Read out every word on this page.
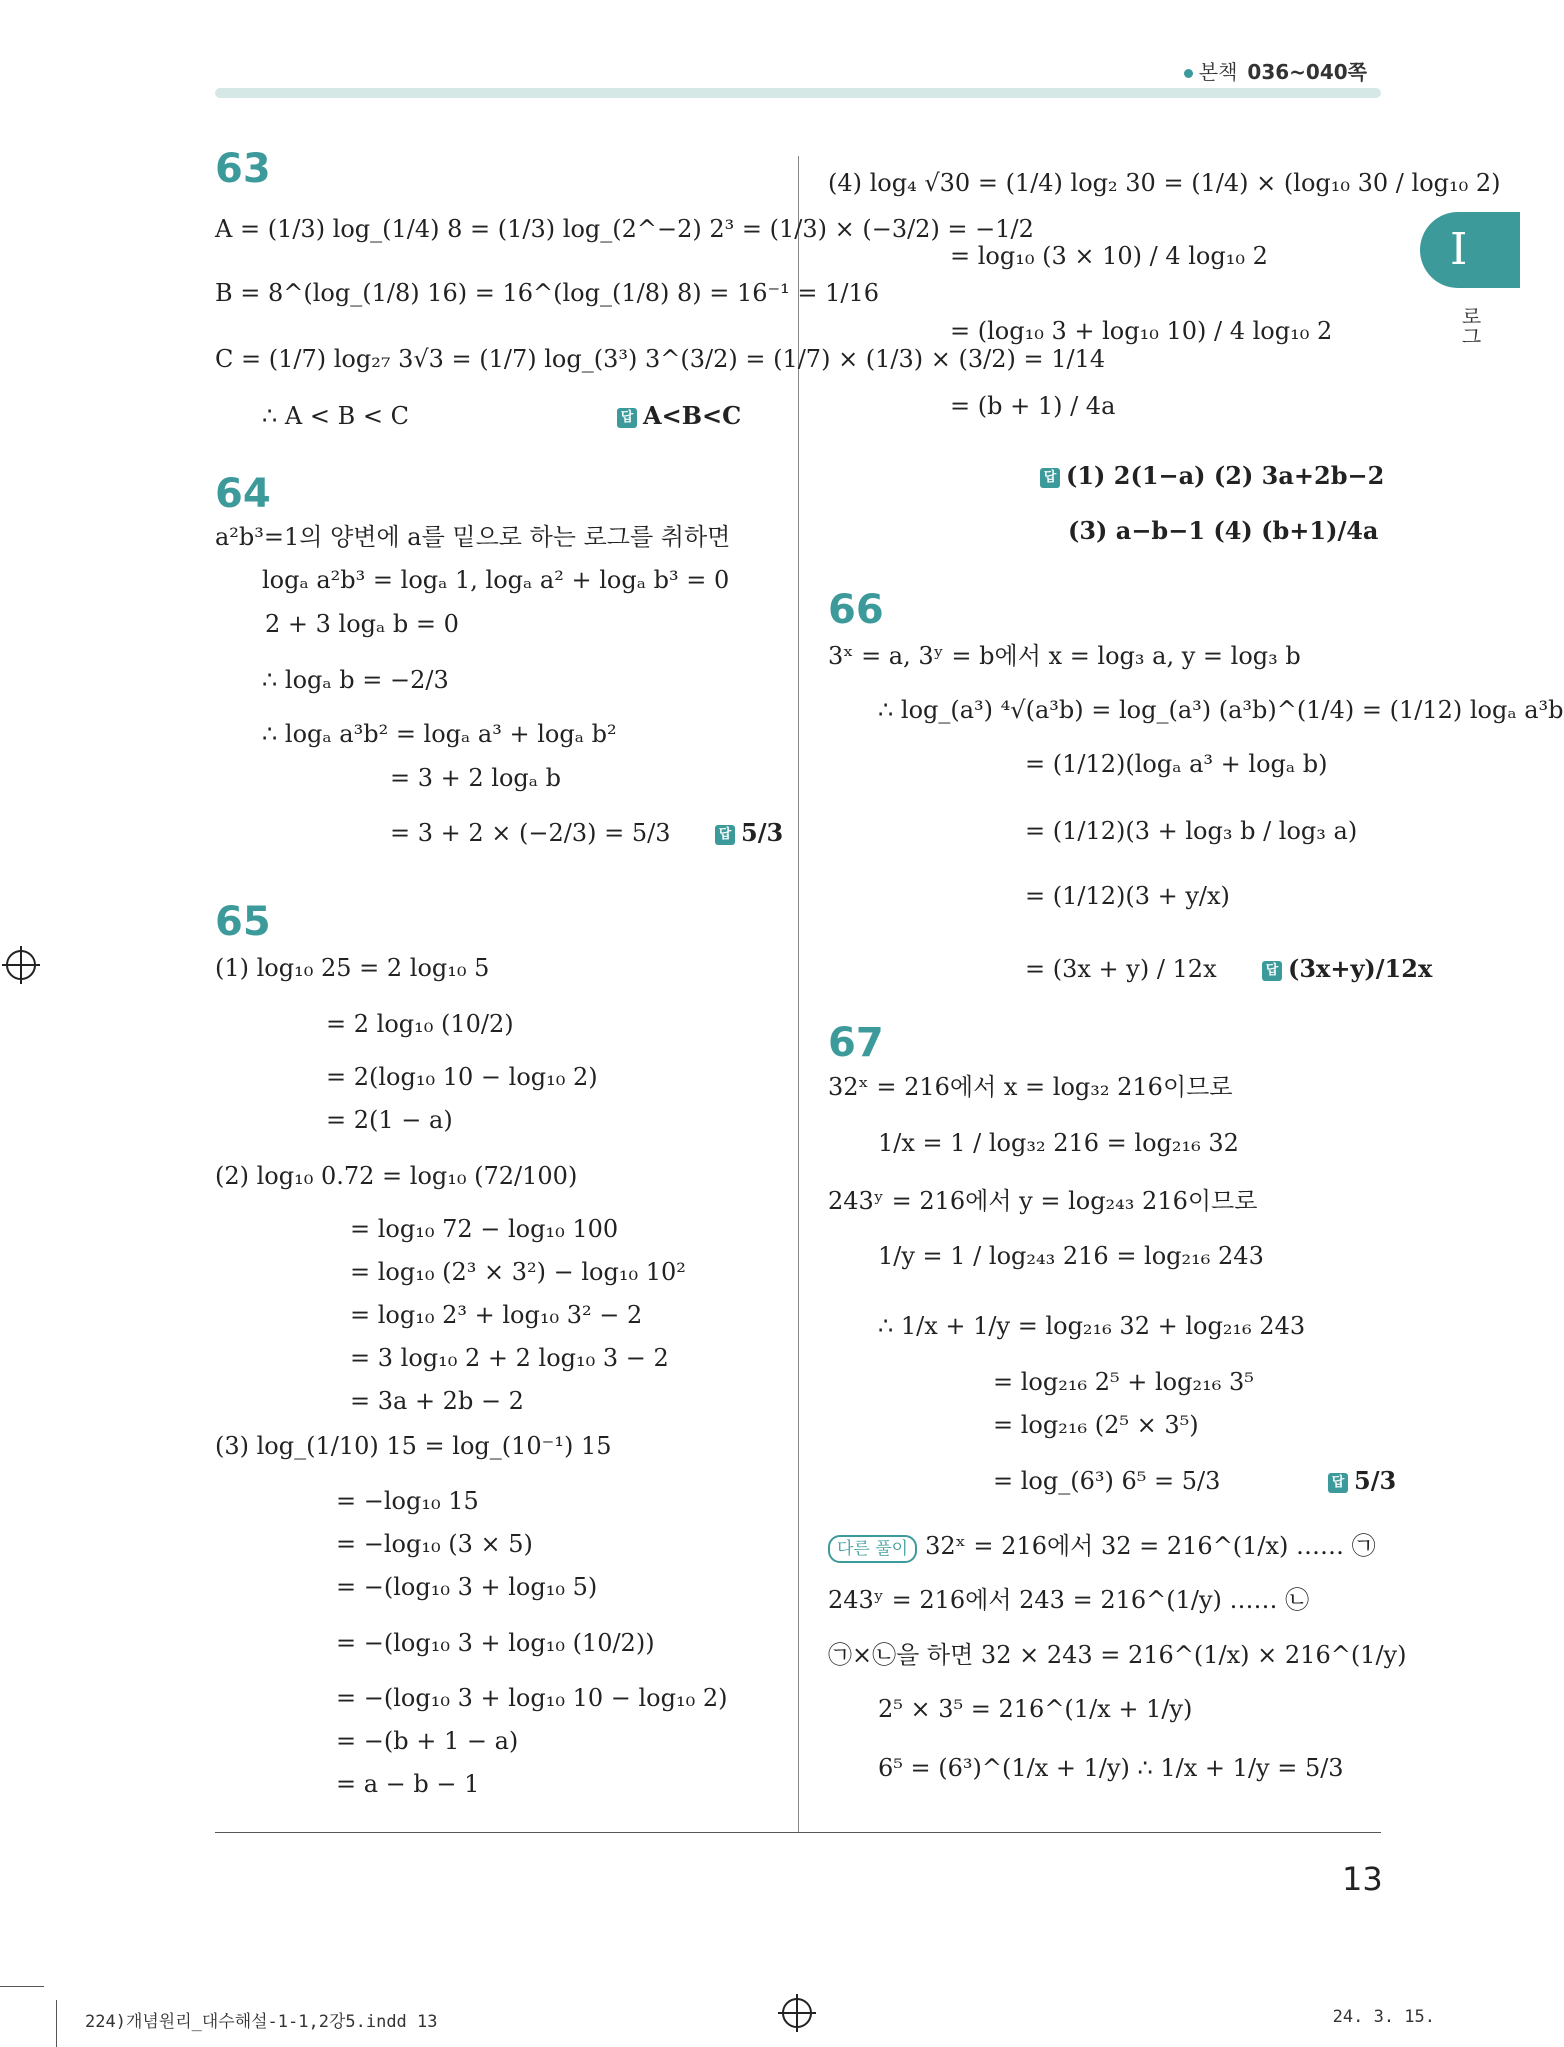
본책 036~040쪽
I
로그
63
A = (1/3) log_(1/4) 8 = (1/3) log_(2^−2) 2³ = (1/3) × (−3/2) = −1/2
B = 8^(log_(1/8) 16) = 16^(log_(1/8) 8) = 16⁻¹ = 1/16
C = (1/7) log₂₇ 3√3 = (1/7) log_(3³) 3^(3/2) = (1/7) × (1/3) × (3/2) = 1/14
∴ A < B < C	답 A<B<C
64
a²b³=1의 양변에 a를 밑으로 하는 로그를 취하면
logₐ a²b³ = logₐ 1, logₐ a² + logₐ b³ = 0
2 + 3 logₐ b = 0
∴ logₐ b = −2/3
∴ logₐ a³b² = logₐ a³ + logₐ b²
= 3 + 2 logₐ b
= 3 + 2 × (−2/3) = 5/3	답 5/3
65
(1) log₁₀ 25 = 2 log₁₀ 5
= 2 log₁₀ (10/2)
= 2(log₁₀ 10 − log₁₀ 2)
= 2(1 − a)
(2) log₁₀ 0.72 = log₁₀ (72/100)
= log₁₀ 72 − log₁₀ 100
= log₁₀ (2³ × 3²) − log₁₀ 10²
= log₁₀ 2³ + log₁₀ 3² − 2
= 3 log₁₀ 2 + 2 log₁₀ 3 − 2
= 3a + 2b − 2
(3) log_(1/10) 15 = log_(10⁻¹) 15
= −log₁₀ 15
= −log₁₀ (3 × 5)
= −(log₁₀ 3 + log₁₀ 5)
= −(log₁₀ 3 + log₁₀ (10/2))
= −(log₁₀ 3 + log₁₀ 10 − log₁₀ 2)
= −(b + 1 − a)
= a − b − 1
(4) log₄ √30 = (1/4) log₂ 30 = (1/4) × (log₁₀ 30 / log₁₀ 2)
= log₁₀ (3 × 10) / 4 log₁₀ 2
= (log₁₀ 3 + log₁₀ 10) / 4 log₁₀ 2
= (b + 1) / 4a
답 (1) 2(1−a) (2) 3a+2b−2
(3) a−b−1 (4) (b+1)/4a
66
3ˣ = a, 3ʸ = b에서 x = log₃ a, y = log₃ b
∴ log_(a³) ⁴√(a³b) = log_(a³) (a³b)^(1/4) = (1/12) logₐ a³b
= (1/12)(logₐ a³ + logₐ b)
= (1/12)(3 + log₃ b / log₃ a)
= (1/12)(3 + y/x)
= (3x + y) / 12x	답 (3x+y)/12x
67
32ˣ = 216에서 x = log₃₂ 216이므로
1/x = 1 / log₃₂ 216 = log₂₁₆ 32
243ʸ = 216에서 y = log₂₄₃ 216이므로
1/y = 1 / log₂₄₃ 216 = log₂₁₆ 243
∴ 1/x + 1/y = log₂₁₆ 32 + log₂₁₆ 243
= log₂₁₆ 2⁵ + log₂₁₆ 3⁵
= log₂₁₆ (2⁵ × 3⁵)
= log_(6³) 6⁵ = 5/3	답 5/3
다른 풀이 32ˣ = 216에서 32 = 216^(1/x) …… ㉠
243ʸ = 216에서 243 = 216^(1/y) …… ㉡
㉠×㉡을 하면 32 × 243 = 216^(1/x) × 216^(1/y)
2⁵ × 3⁵ = 216^(1/x + 1/y)
6⁵ = (6³)^(1/x + 1/y) ∴ 1/x + 1/y = 5/3
13
224)개념원리_대수해설-1-1,2강5.indd 13	24. 3. 15.
